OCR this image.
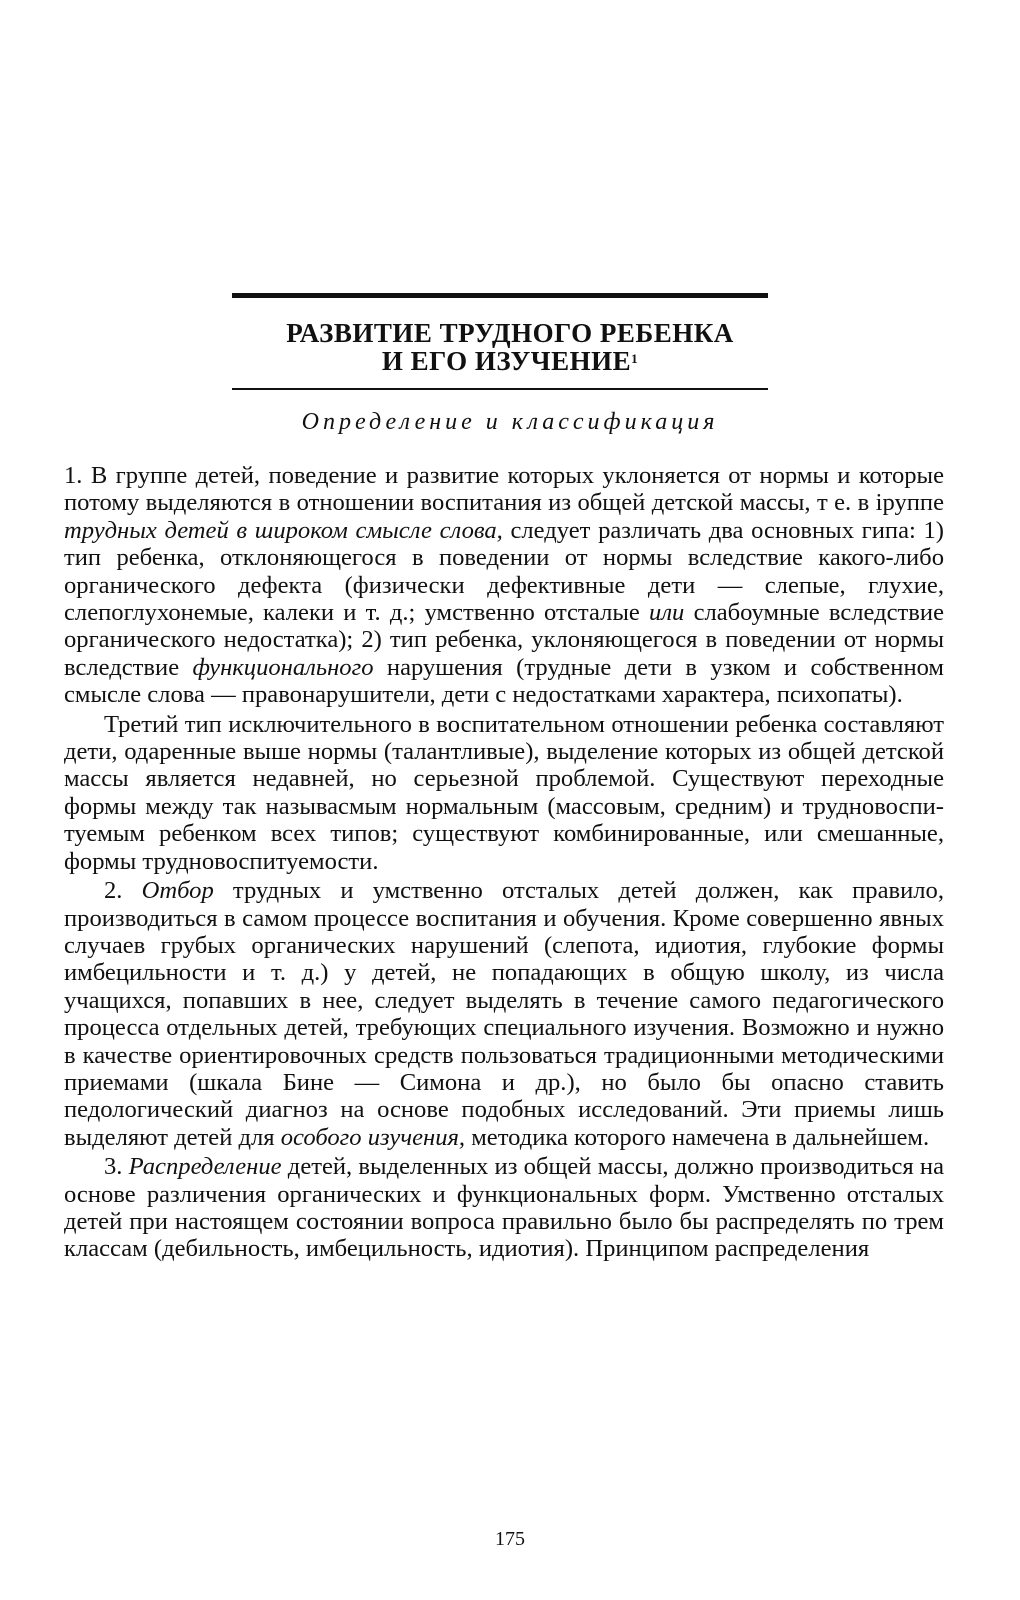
РАЗВИТИЕ ТРУДНОГО РЕБЕНКА
И ЕГО ИЗУЧЕНИЕ$^1$
Определение и классификация

1. В группе детей, поведение и развитие которых уклоняется от нормы и которые потому выделяются в отношении воспитания из общей детской массы, т е. в іруппе трудных детей в широком смысле слова, следует различать два основных гипа: 1) тип ребенка, отклоняющегося в поведении от нормы вследствие какого-либо органического дефекта (физически дефективные дети — слепые, глухие, слепоглухонемые, калеки и т. д.; умственно отсталые или слабоумные вследствие органического недостатка); 2) тип ребенка, уклоняющегося в поведении от нормы вследствие функционального нарушения (трудные дети в узком и собственном смысле слова — правонарушители, дети с недостатками характера, психопаты).

Третий тип исключительного в воспитательном отношении ребенка составляют дети, одаренные выше нормы (талантливые), выделение которых из общей детской массы является недавней, но серьезной проблемой. Существуют переходные формы между так называсмым нормальным (массовым, средним) и трудновоспитуемым ребенком всех типов; существуют комбинированные, или смешанные, формы трудновоспитуемости.

2. Отбор трудных и умственно отсталых детей должен, как правило, производиться в самом процессе воспитания и обучения. Кроме совершенно явных случаев грубых органических нарушений (слепота, идиотия, глубокие формы имбецильности и т. д.) у детей, не попадающих в общую школу, из числа учащихся, попавших в нее, следует выделять в течение самого педагогического процесса отдельных детей, требующих специального изучения. Возможно и нужно в качестве ориентировочных средств пользоваться традиционными методическими приемами (шкала Бине — Симона и др.), но было бы опасно ставить педологический диагноз на основе подобных исследований. Эти приемы лишь выделяют детей для особого изучения, методика которого намечена в дальнейшем.

3. Распределение детей, выделенных из общей массы, должно производиться на основе различения органических и функциональных форм. Умственно отсталых детей при настоящем состоянии вопроса правильно было бы распределять по трем классам (дебильность, имбецильность, идиотия). Принципом распределения

175
